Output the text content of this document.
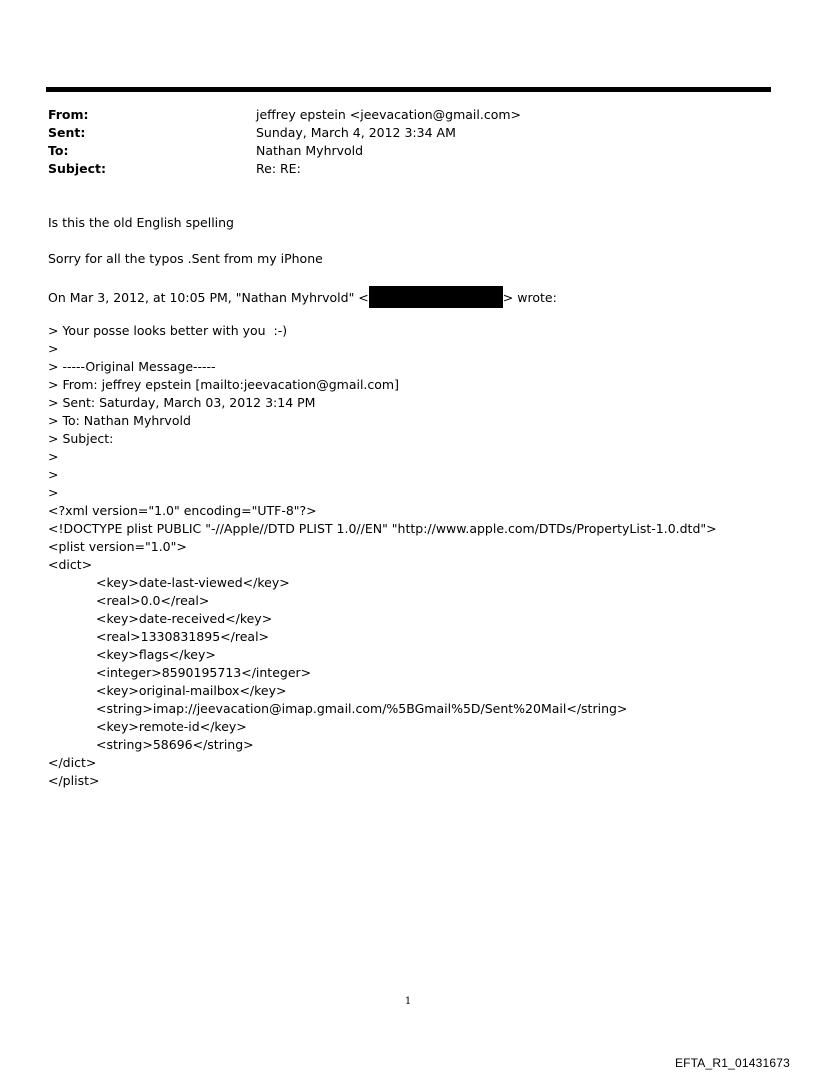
From:	jeffrey epstein <jeevacation@gmail.com>
Sent:	Sunday, March 4, 2012 3:34 AM
To:	Nathan Myhrvold
Subject:	Re: RE:
Is this the old English spelling
Sorry for all the typos .Sent from my iPhone
On Mar 3, 2012, at 10:05 PM, "Nathan Myhrvold" <	> wrote:
> Your posse looks better with you  :-)
>
> -----Original Message-----
> From: jeffrey epstein [mailto:jeevacation@gmail.com]
> Sent: Saturday, March 03, 2012 3:14 PM
> To: Nathan Myhrvold
> Subject:
>
>
>
<?xml version="1.0" encoding="UTF-8"?>
<!DOCTYPE plist PUBLIC "-//Apple//DTD PLIST 1.0//EN" "http://www.apple.com/DTDs/PropertyList-1.0.dtd">
<plist version="1.0">
<dict>
<key>date-last-viewed</key>
<real>0.0</real>
<key>date-received</key>
<real>1330831895</real>
<key>flags</key>
<integer>8590195713</integer>
<key>original-mailbox</key>
<string>imap://jeevacation@imap.gmail.com/%5BGmail%5D/Sent%20Mail</string>
<key>remote-id</key>
<string>58696</string>
</dict>
</plist>
1
EFTA_R1_01431673
